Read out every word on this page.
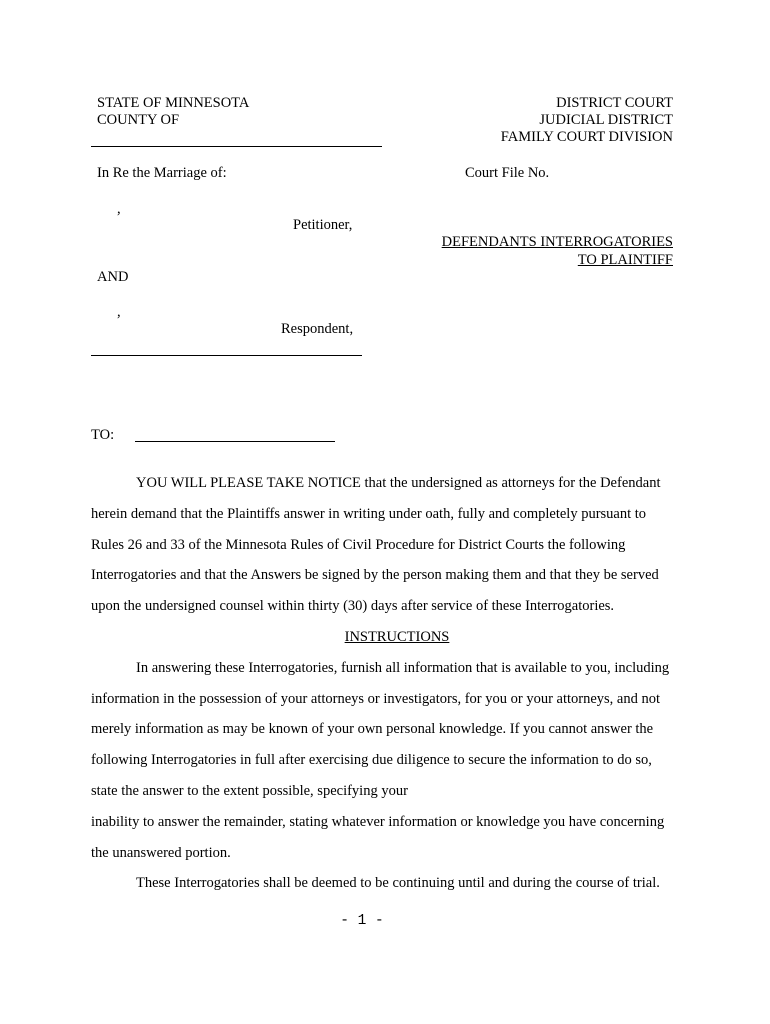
STATE OF MINNESOTA
COUNTY OF
DISTRICT COURT
JUDICIAL DISTRICT
FAMILY COURT DIVISION
In Re the Marriage of:	Court File No.
,
Petitioner,
DEFENDANTS INTERROGATORIES
TO PLAINTIFF
AND
,
Respondent,
TO:

YOU WILL PLEASE TAKE NOTICE that the undersigned as attorneys for the Defendant

herein demand that the Plaintiffs answer in writing under oath, fully and completely pursuant to

Rules 26 and 33 of the Minnesota Rules of Civil Procedure for District Courts the following

Interrogatories and that the Answers be signed by the person making them and that they be served

upon the undersigned counsel within thirty (30) days after service of these Interrogatories.

INSTRUCTIONS

In answering these Interrogatories, furnish all information that is available to you, including

information in the possession of your attorneys or investigators, for you or your attorneys, and not

merely information as may be known of your own personal knowledge. If you cannot answer the

following Interrogatories in full after exercising due diligence to secure the information to do so,

state the answer to the extent possible, specifying your

inability to answer the remainder, stating whatever information or knowledge you have concerning

the unanswered portion.

These Interrogatories shall be deemed to be continuing until and during the course of trial.

- 1 -
